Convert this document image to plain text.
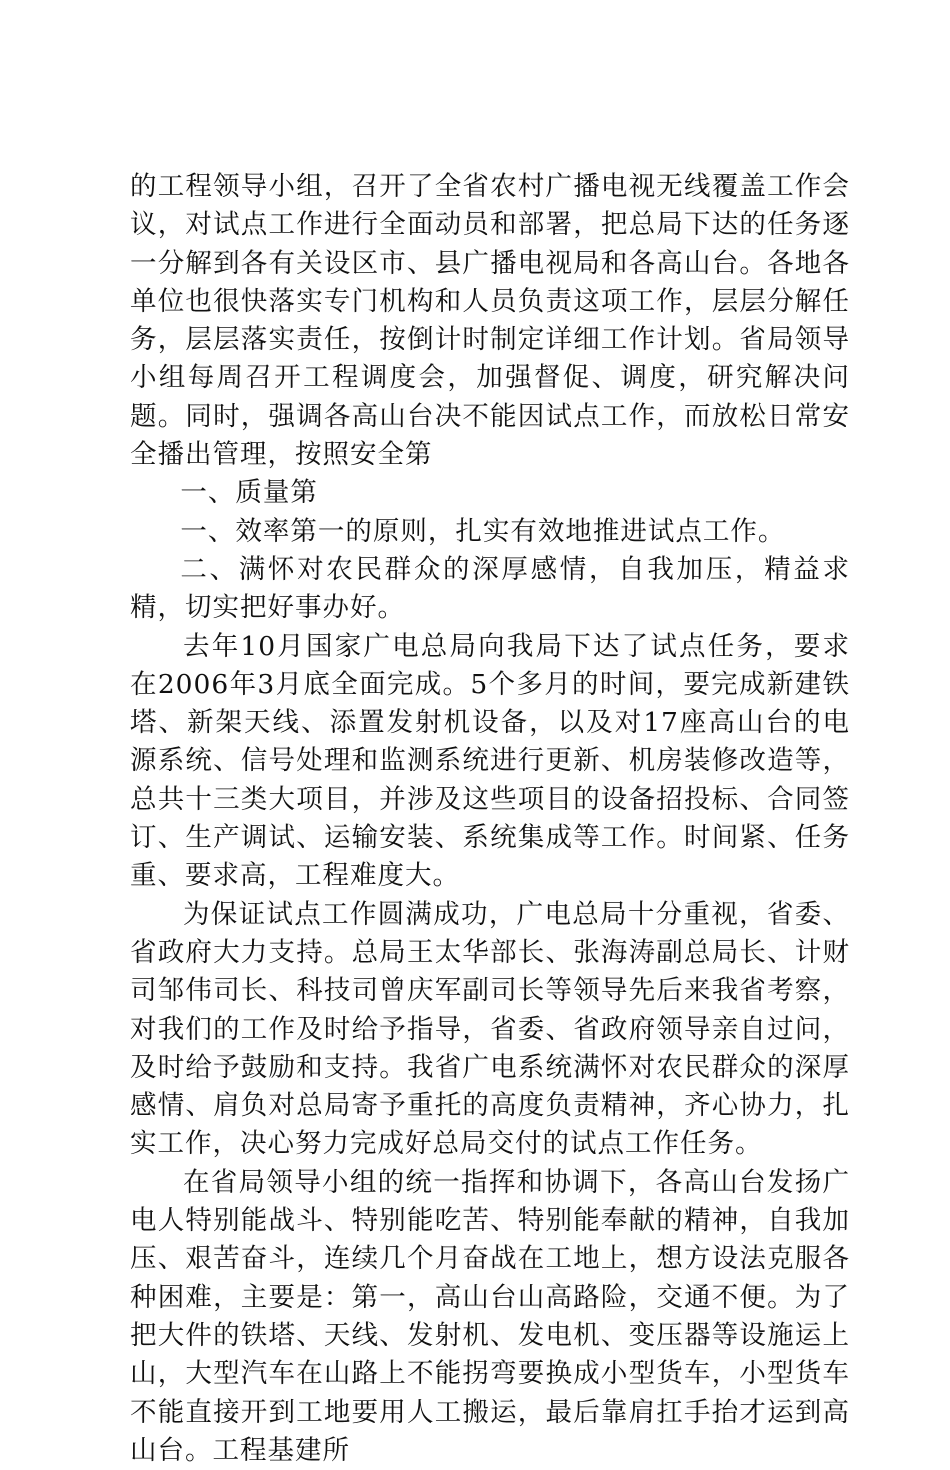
的工程领导小组，召开了全省农村广播电视无线覆盖工作会议，对试点工作进行全面动员和部署，把总局下达的任务逐一分解到各有关设区市、县广播电视局和各高山台。各地各单位也很快落实专门机构和人员负责这项工作，层层分解任务，层层落实责任，按倒计时制定详细工作计划。省局领导小组每周召开工程调度会，加强督促、调度，研究解决问题。同时，强调各高山台决不能因试点工作，而放松日常安全播出管理，按照安全第

一、质量第

一、效率第一的原则，扎实有效地推进试点工作。

二、满怀对农民群众的深厚感情，自我加压，精益求精，切实把好事办好。

去年10月国家广电总局向我局下达了试点任务，要求在2006年3月底全面完成。5个多月的时间，要完成新建铁塔、新架天线、添置发射机设备，以及对17座高山台的电源系统、信号处理和监测系统进行更新、机房装修改造等，总共十三类大项目，并涉及这些项目的设备招投标、合同签订、生产调试、运输安装、系统集成等工作。时间紧、任务重、要求高，工程难度大。

为保证试点工作圆满成功，广电总局十分重视，省委、省政府大力支持。总局王太华部长、张海涛副总局长、计财司邹伟司长、科技司曾庆军副司长等领导先后来我省考察，对我们的工作及时给予指导，省委、省政府领导亲自过问，及时给予鼓励和支持。我省广电系统满怀对农民群众的深厚感情、肩负对总局寄予重托的高度负责精神，齐心协力，扎实工作，决心努力完成好总局交付的试点工作任务。

在省局领导小组的统一指挥和协调下，各高山台发扬广电人特别能战斗、特别能吃苦、特别能奉献的精神，自我加压、艰苦奋斗，连续几个月奋战在工地上，想方设法克服各种困难，主要是：第一，高山台山高路险，交通不便。为了把大件的铁塔、天线、发射机、发电机、变压器等设施运上山，大型汽车在山路上不能拐弯要换成小型货车，小型货车不能直接开到工地要用人工搬运，最后靠肩扛手抬才运到高山台。工程基建所
